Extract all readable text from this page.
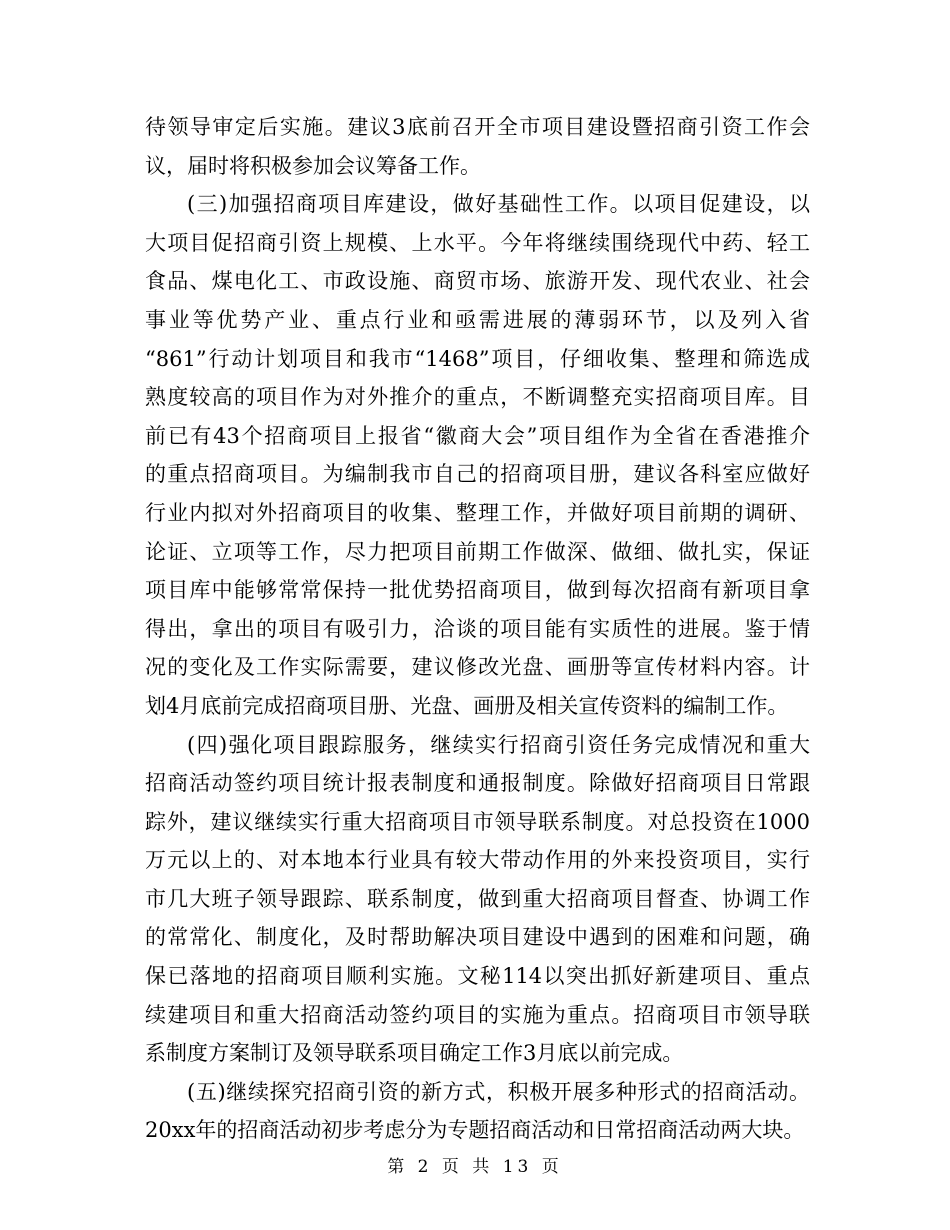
待领导审定后实施。建议3底前召开全市项目建设暨招商引资工作会
议，届时将积极参加会议筹备工作。
(三)加强招商项目库建设，做好基础性工作。以项目促建设，以
大项目促招商引资上规模、上水平。今年将继续围绕现代中药、轻工
食品、煤电化工、市政设施、商贸市场、旅游开发、现代农业、社会
事业等优势产业、重点行业和亟需进展的薄弱环节，以及列入省
“861”行动计划项目和我市“1468”项目，仔细收集、整理和筛选成
熟度较高的项目作为对外推介的重点，不断调整充实招商项目库。目
前已有43个招商项目上报省“徽商大会”项目组作为全省在香港推介
的重点招商项目。为编制我市自己的招商项目册，建议各科室应做好
行业内拟对外招商项目的收集、整理工作，并做好项目前期的调研、
论证、立项等工作，尽力把项目前期工作做深、做细、做扎实，保证
项目库中能够常常保持一批优势招商项目，做到每次招商有新项目拿
得出，拿出的项目有吸引力，洽谈的项目能有实质性的进展。鉴于情
况的变化及工作实际需要，建议修改光盘、画册等宣传材料内容。计
划4月底前完成招商项目册、光盘、画册及相关宣传资料的编制工作。
(四)强化项目跟踪服务，继续实行招商引资任务完成情况和重大
招商活动签约项目统计报表制度和通报制度。除做好招商项目日常跟
踪外，建议继续实行重大招商项目市领导联系制度。对总投资在1000
万元以上的、对本地本行业具有较大带动作用的外来投资项目，实行
市几大班子领导跟踪、联系制度，做到重大招商项目督查、协调工作
的常常化、制度化，及时帮助解决项目建设中遇到的困难和问题，确
保已落地的招商项目顺利实施。文秘114以突出抓好新建项目、重点
续建项目和重大招商活动签约项目的实施为重点。招商项目市领导联
系制度方案制订及领导联系项目确定工作3月底以前完成。
(五)继续探究招商引资的新方式，积极开展多种形式的招商活动。
20xx年的招商活动初步考虑分为专题招商活动和日常招商活动两大块。
第 2 页 共 13 页
